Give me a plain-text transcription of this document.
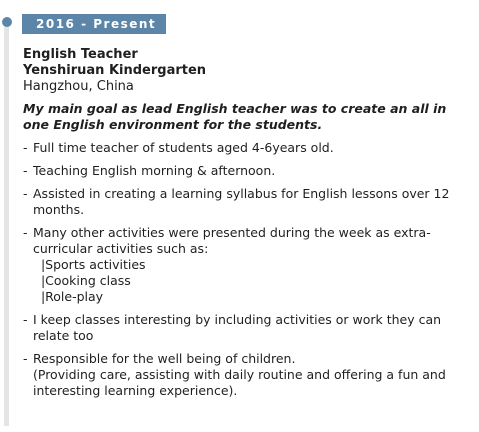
2016 - Present
English Teacher
Yenshiruan Kindergarten
Hangzhou, China
My main goal as lead English teacher was to create an all in one English environment for the students.
- Full time teacher of students aged 4-6years old.
- Teaching English morning & afternoon.
- Assisted in creating a learning syllabus for English lessons over 12 months.
- Many other activities were presented during the week as extra- curricular activities such as:
|Sports activities
|Cooking class
|Role-play
- I keep classes interesting by including activities or work they can relate too
- Responsible for the well being of children.
(Providing care, assisting with daily routine and offering a fun and interesting learning experience).
